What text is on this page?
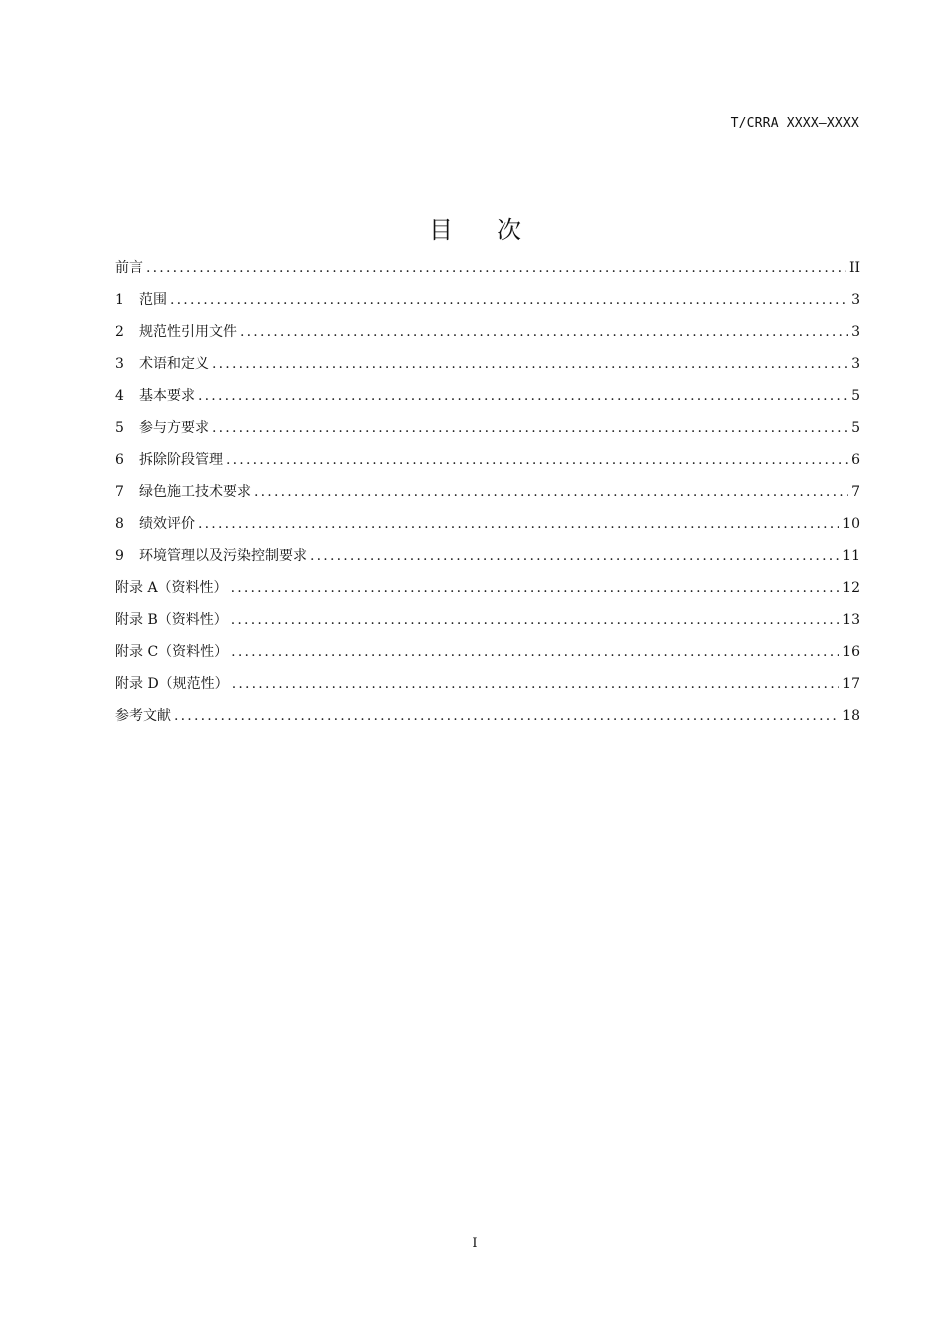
T/CRRA XXXX—XXXX
目 次
前言 .....	II
1	范围 .....	3
2	规范性引用文件 .....	3
3	术语和定义 .....	3
4	基本要求 .....	5
5	参与方要求 .....	5
6	拆除阶段管理 .....	6
7	绿色施工技术要求 .....	7
8	绩效评价 .....	10
9	环境管理以及污染控制要求 .....	11
附录 A（资料性） .....	12
附录 B（资料性） .....	13
附录 C（资料性） .....	16
附录 D（规范性） .....	17
参考文献 .....	18
I
